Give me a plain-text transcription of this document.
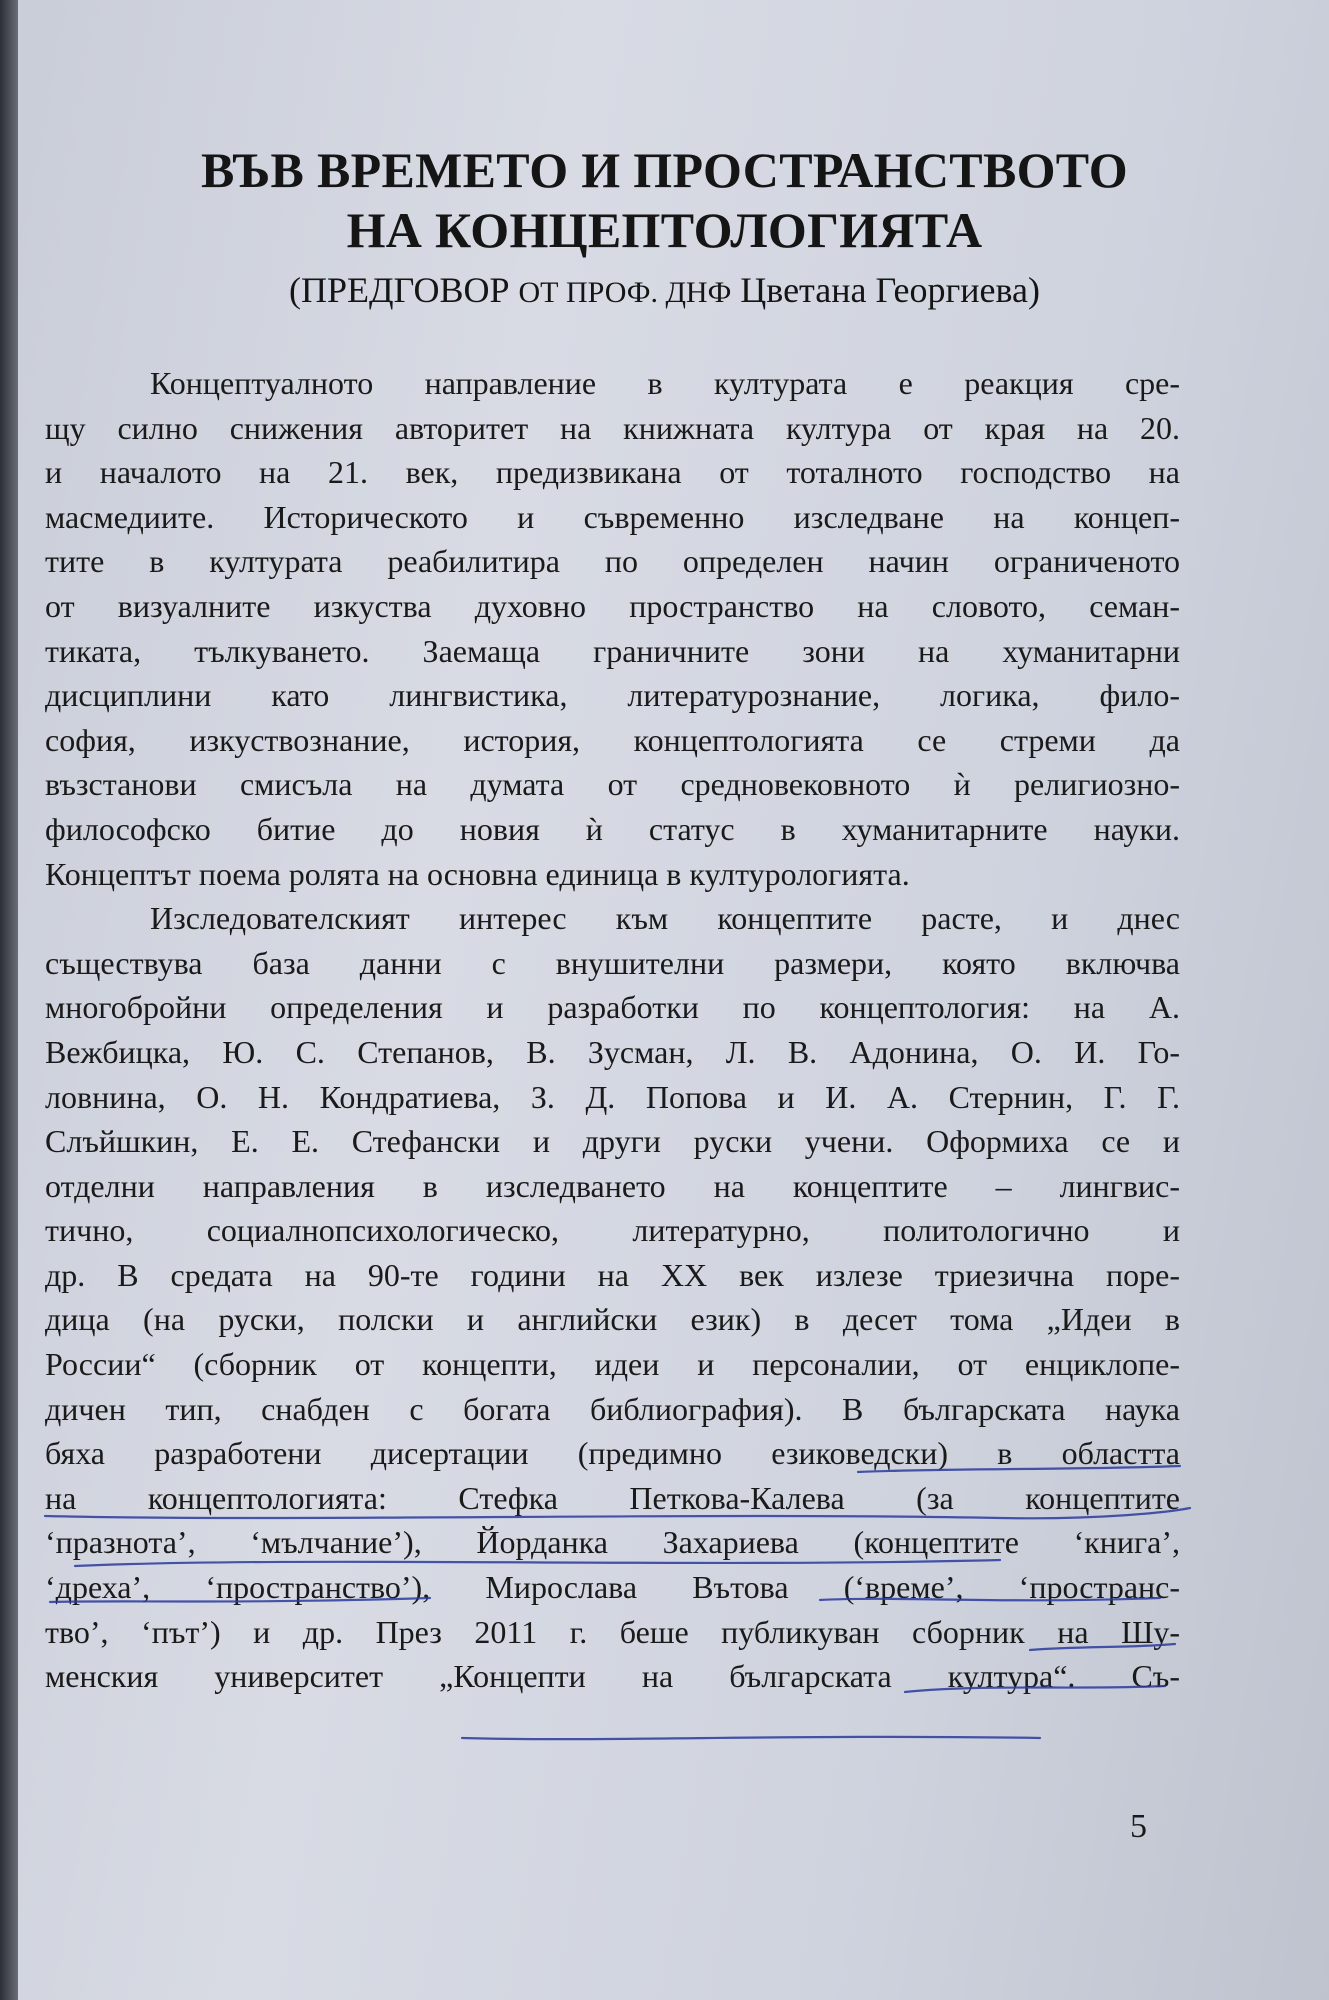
ВЪВ ВРЕМЕТО И ПРОСТРАНСТВОТО
НА КОНЦЕПТОЛОГИЯТА
(ПРЕДГОВОР ОТ ПРОФ. ДНФ Цветана Георгиева)
Концептуалното направление в културата е реакция сре-
щу силно снижения авторитет на книжната култура от края на 20.
и началото на 21. век, предизвикана от тоталното господство на
масмедиите. Историческото и съвременно изследване на концеп-
тите в културата реабилитира по определен начин ограниченото
от визуалните изкуства духовно пространство на словото, семан-
тиката, тълкуването. Заемаща граничните зони на хуманитарни
дисциплини като лингвистика, литературознание, логика, фило-
софия, изкуствознание, история, концептологията се стреми да
възстанови смисъла на думата от средновековното ѝ религиозно-
философско битие до новия ѝ статус в хуманитарните науки.
Концептът поема ролята на основна единица в културологията.
Изследователският интерес към концептите расте, и днес
съществува база данни с внушителни размери, която включва
многобройни определения и разработки по концептология: на А.
Вежбицка, Ю. С. Степанов, В. Зусман, Л. В. Адонина, О. И. Го-
ловнина, О. Н. Кондратиева, З. Д. Попова и И. А. Стернин, Г. Г.
Слъйшкин, Е. Е. Стефански и други руски учени. Оформиха се и
отделни направления в изследването на концептите – лингвис-
тично, социалнопсихологическо, литературно, политологично и
др. В средата на 90-те години на XX век излезе триезична поре-
дица (на руски, полски и английски език) в десет тома „Идеи в
России“ (сборник от концепти, идеи и персоналии, от енциклопе-
дичен тип, снабден с богата библиография). В българската наука
бяха разработени дисертации (предимно езиковедски) в областта
на концептологията: Стефка Петкова-Калева (за концептите
‘празнота’, ‘мълчание’), Йорданка Захариева (концептите ‘книга’,
‘дреха’, ‘пространство’), Мирослава Вътова (‘време’, ‘пространс-
тво’, ‘път’) и др. През 2011 г. беше публикуван сборник на Шу-
менския университет „Концепти на българската култура“. Съ-
5
